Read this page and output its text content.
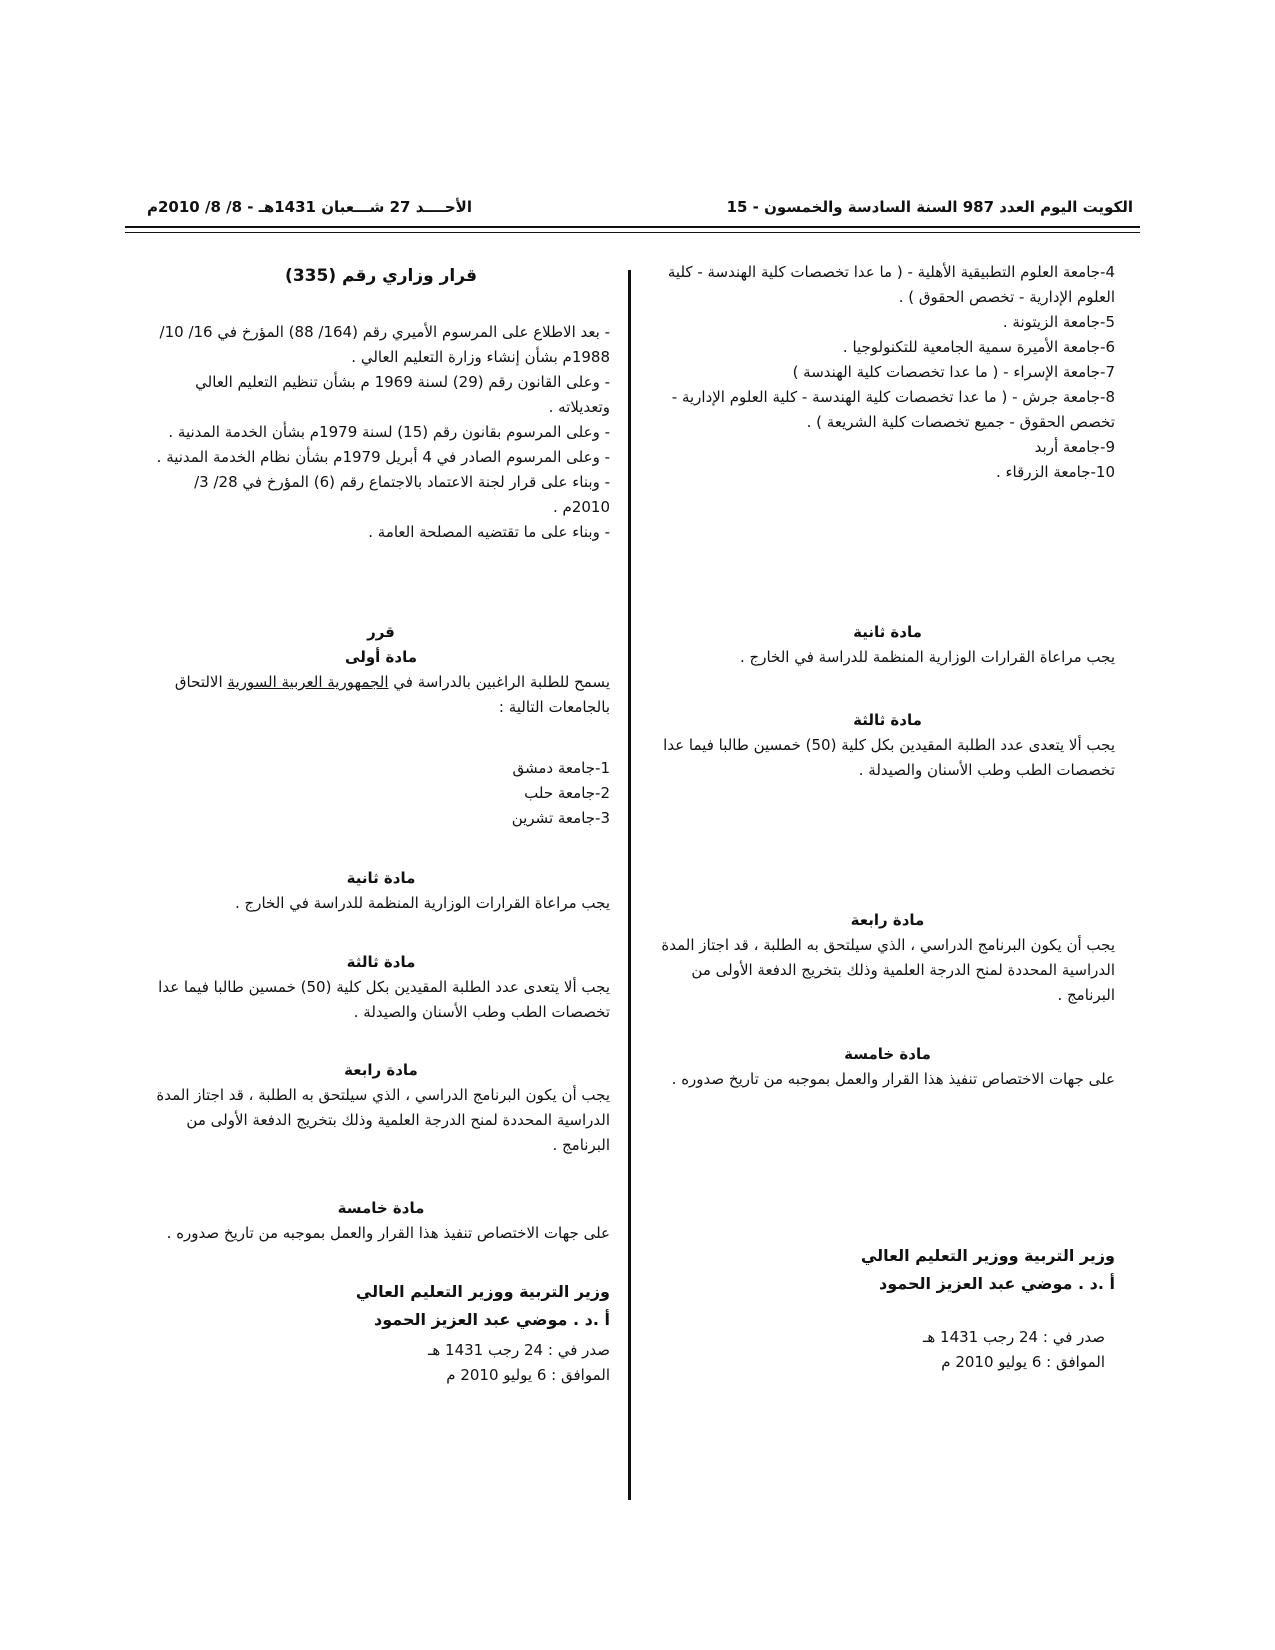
الكويت اليوم العدد 987 السنة السادسة والخمسون - 15
الأحــــد 27 شـــعبان 1431هـ - 8/ 8/ 2010م

4-جامعة العلوم التطبيقية الأهلية - ( ما عدا تخصصات كلية الهندسة - كلية العلوم الإدارية - تخصص الحقوق ) .

5-جامعة الزيتونة .

6-جامعة الأميرة سمية الجامعية للتكنولوجيا .

7-جامعة الإسراء - ( ما عدا تخصصات كلية الهندسة )

8-جامعة جرش - ( ما عدا تخصصات كلية الهندسة - كلية العلوم الإدارية - تخصص الحقوق - جميع تخصصات كلية الشريعة ) .

9-جامعة أربد

10-جامعة الزرقاء .

مادة ثانية

يجب مراعاة القرارات الوزارية المنظمة للدراسة في الخارج .

مادة ثالثة

يجب ألا يتعدى عدد الطلبة المقيدين بكل كلية (50) خمسين طالبا فيما عدا تخصصات الطب وطب الأسنان والصيدلة .

مادة رابعة

يجب أن يكون البرنامج الدراسي ، الذي سيلتحق به الطلبة ، قد اجتاز المدة الدراسية المحددة لمنح الدرجة العلمية وذلك بتخريج الدفعة الأولى من البرنامج .

مادة خامسة

على جهات الاختصاص تنفيذ هذا القرار والعمل بموجبه من تاريخ صدوره .

وزير التربية ووزير التعليم العالي

أ .د . موضي عبد العزيز الحمود

صدر في : 24 رجب 1431 هـ

الموافق : 6 يوليو 2010 م

قرار وزاري رقم (335)

- بعد الاطلاع على المرسوم الأميري رقم (164/ 88) المؤرخ في 16/ 10/ 1988م بشأن إنشاء وزارة التعليم العالي .

- وعلى القانون رقم (29) لسنة 1969 م بشأن تنظيم التعليم العالي وتعديلاته .

- وعلى المرسوم بقانون رقم (15) لسنة 1979م بشأن الخدمة المدنية .

- وعلى المرسوم الصادر في 4 أبريل 1979م بشأن نظام الخدمة المدنية .

- وبناء على قرار لجنة الاعتماد بالاجتماع رقم (6) المؤرخ في 28/ 3/ 2010م .

- وبناء على ما تقتضيه المصلحة العامة .

قرر

مادة أولى

يسمح للطلبة الراغبين بالدراسة في الجمهورية العربية السورية الالتحاق بالجامعات التالية :

1-جامعة دمشق

2-جامعة حلب

3-جامعة تشرين

مادة ثانية

يجب مراعاة القرارات الوزارية المنظمة للدراسة في الخارج .

مادة ثالثة

يجب ألا يتعدى عدد الطلبة المقيدين بكل كلية (50) خمسين طالبا فيما عدا تخصصات الطب وطب الأسنان والصيدلة .

مادة رابعة

يجب أن يكون البرنامج الدراسي ، الذي سيلتحق به الطلبة ، قد اجتاز المدة الدراسية المحددة لمنح الدرجة العلمية وذلك بتخريج الدفعة الأولى من البرنامج .

مادة خامسة

على جهات الاختصاص تنفيذ هذا القرار والعمل بموجبه من تاريخ صدوره .

وزير التربية ووزير التعليم العالي

أ .د . موضي عبد العزيز الحمود

صدر في : 24 رجب 1431 هـ

الموافق : 6 يوليو 2010 م
